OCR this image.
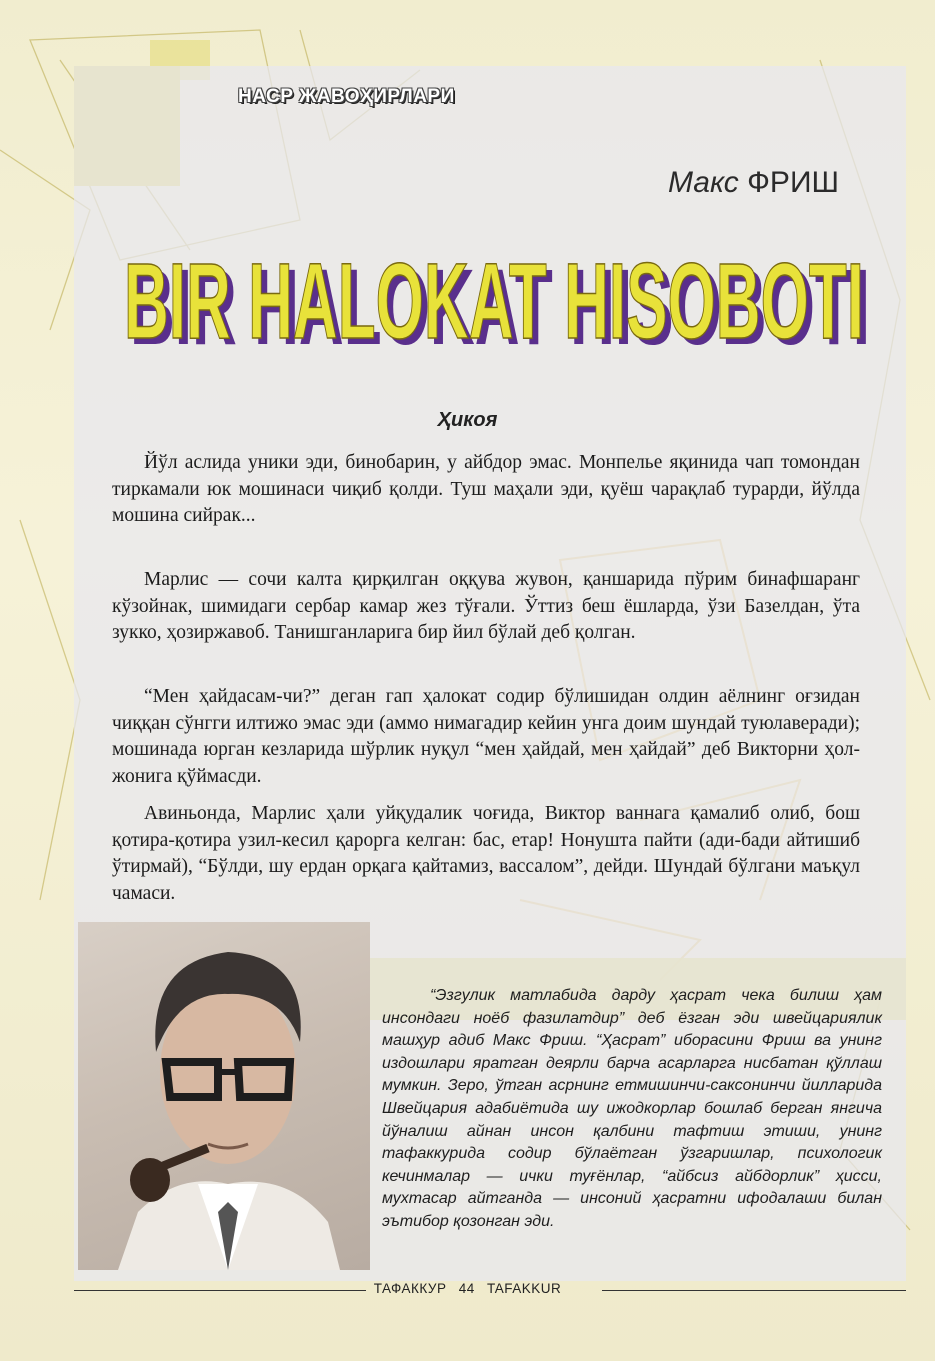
НАСР ЖАВОҲИРЛАРИ
Макс ФРИШ
BIR HALOKAT HISOBOTI
BIR HALOKAT HISOBOTI
Ҳикоя

Йўл аслида уники эди, бинобарин, у айбдор эмас. Монпелье яқинида чап томондан тиркамали юк мошинаси чиқиб қолди. Туш маҳали эди, қуёш чарақлаб турарди, йўлда мошина сийрак...

Марлис — сочи калта қирқилган оққува жувон, қаншарида пўрим бинафшаранг кўзойнак, шимидаги сербар камар жез тўғали. Ўттиз беш ёшларда, ўзи Базелдан, ўта зукко, ҳозиржавоб. Танишганларига бир йил бўлай деб қолган.

“Мен ҳайдасам-чи?” деган гап ҳалокат содир бўлишидан олдин аёлнинг оғзидан чиққан сўнгги илтижо эмас эди (аммо нимагадир кейин унга доим шундай туюлаверади); мошинада юрган кезларида шўрлик нуқул “мен ҳайдай, мен ҳайдай” деб Викторни ҳол-жонига қўймасди.

Авиньонда, Марлис ҳали уйқудалик чоғида, Виктор ваннага қамалиб олиб, бош қотира-қотира узил-кесил қарорга келган: бас, етар! Нонушта пайти (ади-бади айтишиб ўтирмай), “Бўлди, шу ердан орқага қайтамиз, вассалом”, дейди. Шундай бўлгани маъқул чамаси.

“Эзгулик матлабида дарду ҳасрат чека билиш ҳам инсондаги ноёб фазилатдир” деб ёзган эди швейцариялик машҳур адиб Макс Фриш. “Ҳасрат” иборасини Фриш ва унинг издошлари яратган деярли барча асарларга нисбатан қўллаш мумкин. Зеро, ўтган асрнинг етмишинчи-саксонинчи йилларида Швейцария адабиётида шу ижодкорлар бошлаб берган янгича йўналиш айнан инсон қалбини тафтиш этиши, унинг тафаккурида содир бўлаётган ўзгаришлар, психологик кечинмалар — ички туғёнлар, “айбсиз айбдорлик” ҳисси, мухтасар айтганда — инсоний ҳасратни ифодалаши билан эътибор қозонган эди.

ТАФАККУР 44 TAFAKKUR
